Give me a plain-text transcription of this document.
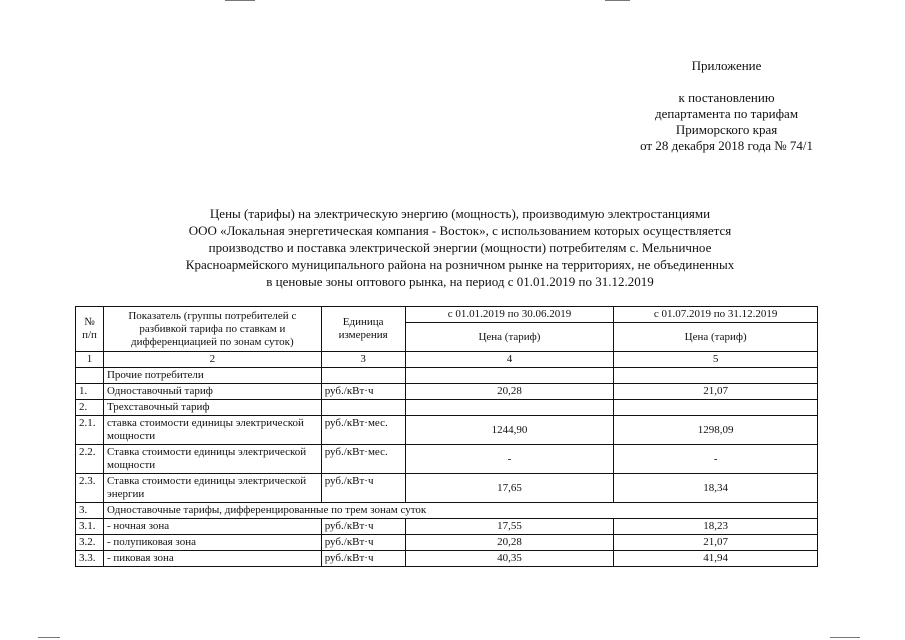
Приложение
к постановлению
департамента по тарифам
Приморского края
от 28 декабря 2018 года № 74/1
Цены (тарифы) на электрическую энергию (мощность), производимую электростанциями
ООО «Локальная энергетическая компания - Восток», с использованием которых осуществляется
производство и поставка электрической энергии (мощности) потребителям с. Мельничное
Красноармейского муниципального района на розничном рынке на территориях, не объединенных
в ценовые зоны оптового рынка, на период с 01.01.2019 по 31.12.2019
№ п/п	Показатель (группы потребителей с разбивкой тарифа по ставкам и дифференциацией по зонам суток)	Единица измерения	с 01.01.2019 по 30.06.2019	с 01.07.2019 по 31.12.2019
			Цена (тариф)	Цена (тариф)
1	2	3	4	5
	Прочие потребители			
1.	Одноставочный тариф	руб./кВт·ч	20,28	21,07
2.	Трехставочный тариф			
2.1.	ставка стоимости единицы электрической мощности	руб./кВт·мес.	1244,90	1298,09
2.2.	Ставка стоимости единицы электрической мощности	руб./кВт·мес.	-	-
2.3.	Ставка стоимости единицы электрической энергии	руб./кВт·ч	17,65	18,34
3.	Одноставочные тарифы, дифференцированные по трем зонам суток			
3.1.	- ночная зона	руб./кВт·ч	17,55	18,23
3.2.	- полупиковая зона	руб./кВт·ч	20,28	21,07
3.3.	- пиковая зона	руб./кВт·ч	40,35	41,94
